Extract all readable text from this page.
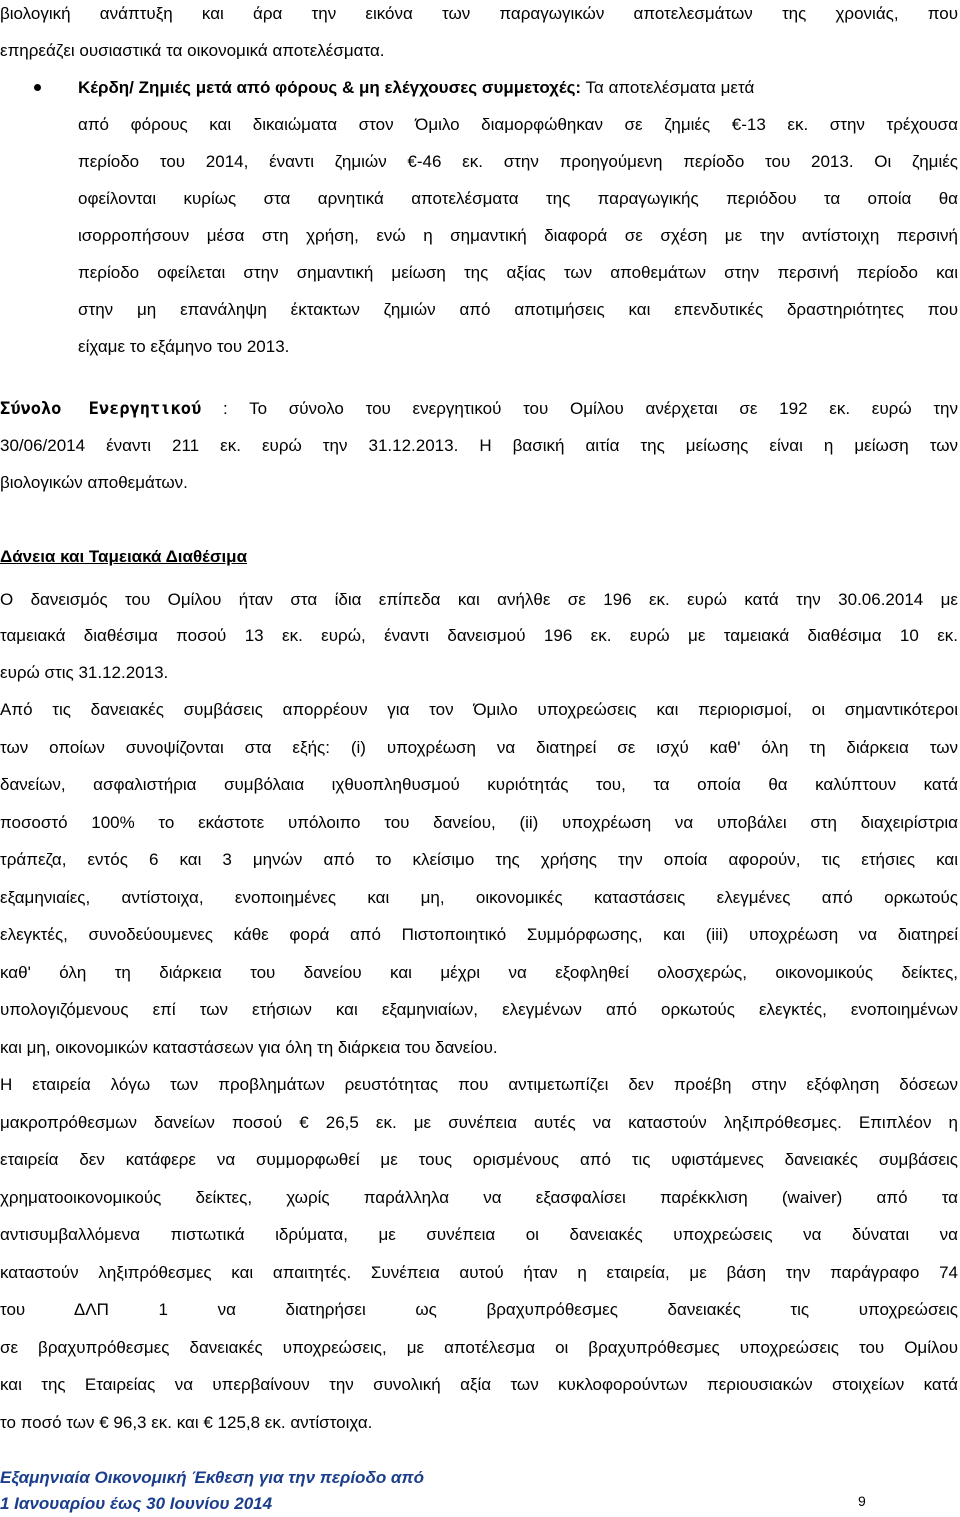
βιολογική ανάπτυξη και άρα την εικόνα των παραγωγικών αποτελεσμάτων της χρονιάς, που
επηρεάζει ουσιαστικά τα οικονομικά αποτελέσματα.
Κέρδη/ Ζημιές μετά από φόρους & μη ελέγχουσες συμμετοχές: Τα αποτελέσματα μετά
από φόρους και δικαιώματα στον Όμιλο διαμορφώθηκαν σε ζημιές €-13 εκ. στην τρέχουσα
περίοδο του 2014, έναντι ζημιών €-46 εκ. στην προηγούμενη περίοδο του 2013. Οι ζημιές
οφείλονται κυρίως στα αρνητικά αποτελέσματα της παραγωγικής περιόδου τα οποία θα
ισορροπήσουν μέσα στη χρήση, ενώ η σημαντική διαφορά σε σχέση με την αντίστοιχη περσινή
περίοδο οφείλεται στην σημαντική μείωση της αξίας των αποθεμάτων στην περσινή περίοδο και
στην μη επανάληψη έκτακτων ζημιών από αποτιμήσεις και επενδυτικές δραστηριότητες που
είχαμε το εξάμηνο του 2013.
Σύνολο Ενεργητικού : Το σύνολο του ενεργητικού του Ομίλου ανέρχεται σε 192 εκ. ευρώ την
30/06/2014 έναντι 211 εκ. ευρώ την 31.12.2013. Η βασική αιτία της μείωσης είναι η μείωση των
βιολογικών αποθεμάτων.
Δάνεια και Ταμειακά Διαθέσιμα
Ο δανεισμός του Ομίλου ήταν στα ίδια επίπεδα και ανήλθε σε 196 εκ. ευρώ κατά την 30.06.2014 με
ταμειακά διαθέσιμα ποσού 13 εκ. ευρώ, έναντι δανεισμού 196 εκ. ευρώ με ταμειακά διαθέσιμα 10 εκ.
ευρώ στις 31.12.2013.
Από τις δανειακές συμβάσεις απορρέουν για τον Όμιλο υποχρεώσεις και περιορισμοί, οι σημαντικότεροι
των οποίων συνοψίζονται στα εξής: (i) υποχρέωση να διατηρεί σε ισχύ καθ' όλη τη διάρκεια των
δανείων, ασφαλιστήρια συμβόλαια ιχθυοπληθυσμού κυριότητάς του, τα οποία θα καλύπτουν κατά
ποσοστό 100% το εκάστοτε υπόλοιπο του δανείου, (ii) υποχρέωση να υποβάλει στη διαχειρίστρια
τράπεζα, εντός 6 και 3 μηνών από το κλείσιμο της χρήσης την οποία αφορούν, τις ετήσιες και
εξαμηνιαίες, αντίστοιχα, ενοποιημένες και μη, οικονομικές καταστάσεις ελεγμένες από ορκωτούς
ελεγκτές, συνοδεύουμενες κάθε φορά από Πιστοποιητικό Συμμόρφωσης, και (iii) υποχρέωση να διατηρεί
καθ' όλη τη διάρκεια του δανείου και μέχρι να εξοφληθεί ολοσχερώς, οικονομικούς δείκτες,
υπολογιζόμενους επί των ετήσιων και εξαμηνιαίων, ελεγμένων από ορκωτούς ελεγκτές, ενοποιημένων
και μη, οικονομικών καταστάσεων για όλη τη διάρκεια του δανείου.
Η εταιρεία λόγω των προβλημάτων ρευστότητας που αντιμετωπίζει δεν προέβη στην εξόφληση δόσεων
μακροπρόθεσμων δανείων ποσού € 26,5 εκ. με συνέπεια αυτές να καταστούν ληξιπρόθεσμες. Επιπλέον η
εταιρεία δεν κατάφερε να συμμορφωθεί με τους ορισμένους από τις υφιστάμενες δανειακές συμβάσεις
χρηματοοικονομικούς δείκτες, χωρίς παράλληλα να εξασφαλίσει παρέκκλιση (waiver) από τα
αντισυμβαλλόμενα πιστωτικά ιδρύματα, με συνέπεια οι δανειακές υποχρεώσεις να δύναται να
καταστούν ληξιπρόθεσμες και απαιτητές. Συνέπεια αυτού ήταν η εταιρεία, με βάση την παράγραφο 74
του ΔΛΠ 1 να διατηρήσει ως βραχυπρόθεσμες δανειακές τις υποχρεώσεις
σε βραχυπρόθεσμες δανειακές υποχρεώσεις, με αποτέλεσμα οι βραχυπρόθεσμες υποχρεώσεις του Ομίλου
και της Εταιρείας να υπερβαίνουν την συνολική αξία των κυκλοφορούντων περιουσιακών στοιχείων κατά
το ποσό των € 96,3 εκ. και € 125,8 εκ. αντίστοιχα.
Εξαμηνιαία Οικονομική Έκθεση για την περίοδο από
1 Ιανουαρίου έως 30 Ιουνίου 2014	9
